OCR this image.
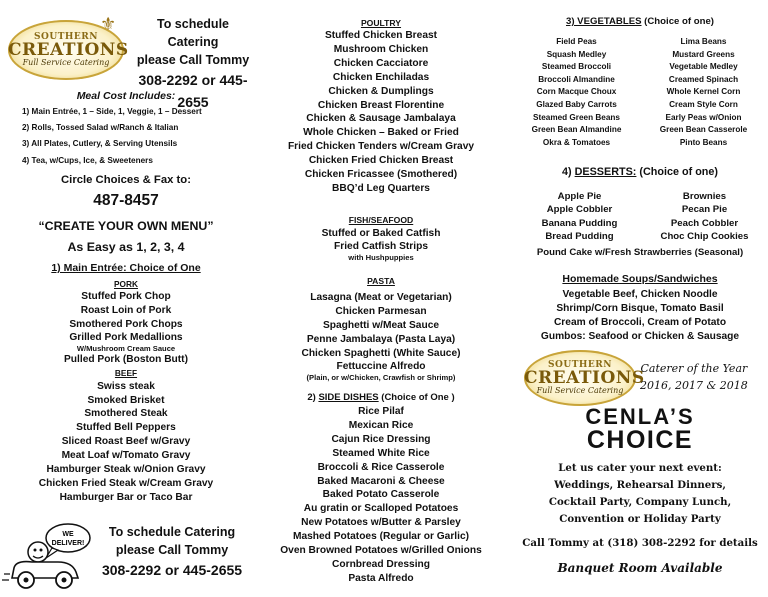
SOUTHERN
CREATIONS
Full Service Catering
⚜	To schedule Catering
please Call Tommy
308-2292 or 445-2655
Meal Cost Includes:
1) Main Entrée, 1 – Side, 1, Veggie, 1 – Dessert
2) Rolls, Tossed Salad w/Ranch & Italian
3) All Plates, Cutlery, & Serving Utensils
4) Tea, w/Cups, Ice, & Sweeteners
Circle Choices & Fax to:
487-8457
“CREATE YOUR OWN MENU”
As Easy as 1, 2, 3, 4
1) Main Entrée: Choice of One
PORK
Stuffed Pork Chop
Roast Loin of Pork
Smothered Pork Chops
Grilled Pork Medallions
W/Mushroom Cream Sauce
Pulled Pork (Boston Butt)
BEEF
Swiss steak
Smoked Brisket
Smothered Steak
Stuffed Bell Peppers
Sliced Roast Beef w/Gravy
Meat Loaf w/Tomato Gravy
Hamburger Steak w/Onion Gravy
Chicken Fried Steak w/Cream Gravy
Hamburger Bar or Taco Bar
WE
DELIVER!
To schedule Catering
please Call Tommy
308-2292 or 445-2655
POULTRY
Stuffed Chicken Breast
Mushroom Chicken
Chicken Cacciatore
Chicken Enchiladas
Chicken & Dumplings
Chicken Breast Florentine
Chicken & Sausage Jambalaya
Whole Chicken – Baked or Fried
Fried Chicken Tenders w/Cream Gravy
Chicken Fried Chicken Breast
Chicken Fricassee (Smothered)
BBQ’d Leg Quarters
FISH/SEAFOOD
Stuffed or Baked Catfish
Fried Catfish Strips
with Hushpuppies
PASTA
Lasagna (Meat or Vegetarian)
Chicken Parmesan
Spaghetti w/Meat Sauce
Penne Jambalaya (Pasta Laya)
Chicken Spaghetti (White Sauce)
Fettuccine Alfredo
(Plain, or w/Chicken, Crawfish or Shrimp)
2) SIDE DISHES (Choice of One )
Rice Pilaf
Mexican Rice
Cajun Rice Dressing
Steamed White Rice
Broccoli & Rice Casserole
Baked Macaroni & Cheese
Baked Potato Casserole
Au gratin or Scalloped Potatoes
New Potatoes w/Butter & Parsley
Mashed Potatoes (Regular or Garlic)
Oven Browned Potatoes w/Grilled Onions
Cornbread Dressing
Pasta Alfredo
3) VEGETABLES (Choice of one)
Field Peas	Lima Beans
Squash Medley	Mustard Greens
Steamed Broccoli	Vegetable Medley
Broccoli Almandine	Creamed Spinach
Corn Macque Choux	Whole Kernel Corn
Glazed Baby Carrots	Cream Style Corn
Steamed Green Beans	Early Peas w/Onion
Green Bean Almandine	Green Bean Casserole
Okra & Tomatoes	Pinto Beans
4) DESSERTS: (Choice of one)
Apple Pie	Brownies
Apple Cobbler	Pecan Pie
Banana Pudding	Peach Cobbler
Bread Pudding	Choc Chip Cookies
Pound Cake w/Fresh Strawberries (Seasonal)
Homemade Soups/Sandwiches
Vegetable Beef, Chicken Noodle
Shrimp/Corn Bisque, Tomato Basil
Cream of Broccoli, Cream of Potato
Gumbos: Seafood or Chicken & Sausage
SOUTHERN
CREATIONS
Full Service Catering
Caterer of the Year
2016, 2017 & 2018
CENLA’S
CHOICE
Let us cater your next event:
Weddings, Rehearsal Dinners,
Cocktail Party, Company Lunch,
Convention or Holiday Party
Call Tommy at (318) 308-2292 for details
Banquet Room Available
